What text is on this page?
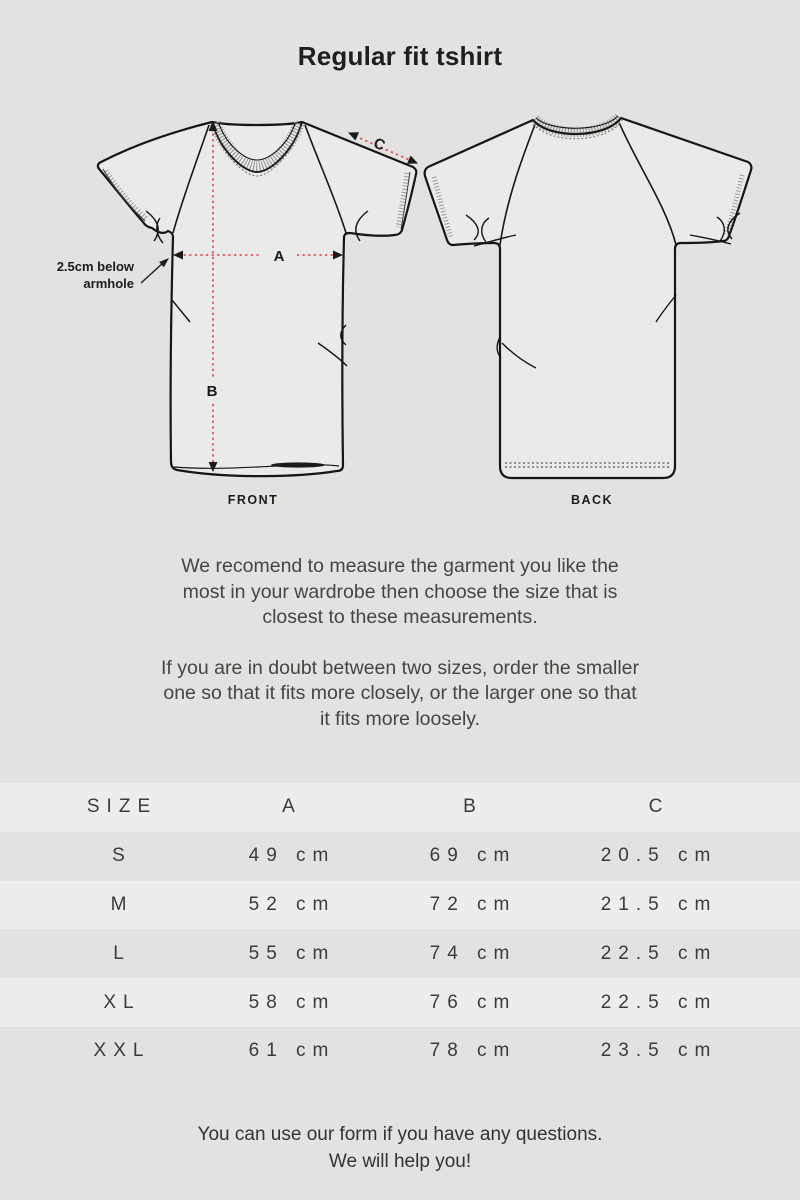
Regular fit tshirt
A
B
C
2.5cm below
armhole
FRONT	BACK

We recomend to measure the garment you like the most in your wardrobe then choose the size that is closest to these measurements.

If you are in doubt between two sizes, order the smaller one so that it fits more closely, or the larger one so that it fits more loosely.

SIZE	A	B	C
S	49 cm	69 cm	20.5 cm
M	52 cm	72 cm	21.5 cm
L	55 cm	74 cm	22.5 cm
XL	58 cm	76 cm	22.5 cm
XXL	61 cm	78 cm	23.5 cm
You can use our form if you have any questions.
We will help you!
